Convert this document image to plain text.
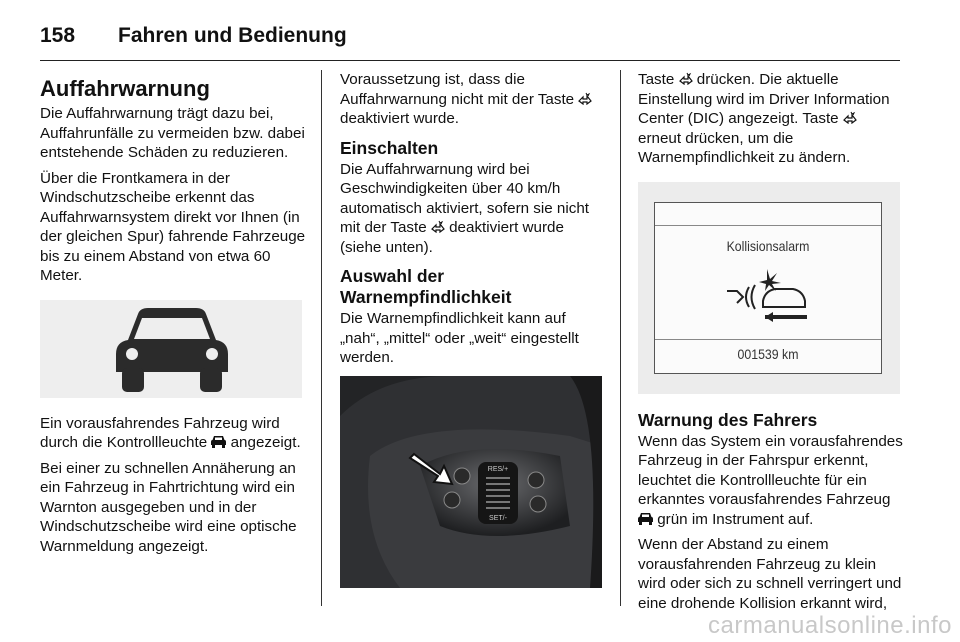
158 Fahren und Bedienung
Auffahrwarnung

Die Auffahrwarnung trägt dazu bei, Auffahrunfälle zu vermeiden bzw. dabei entstehende Schäden zu reduzieren.

Über die Frontkamera in der Windschutzscheibe erkennt das Auffahrwarnsystem direkt vor Ihnen (in der gleichen Spur) fahrende Fahrzeuge bis zu einem Abstand von etwa 60 Meter.

Ein vorausfahrendes Fahrzeug wird durch die Kontrollleuchte  angezeigt.

Bei einer zu schnellen Annäherung an ein Fahrzeug in Fahrtrichtung wird ein Warnton ausgegeben und in der Windschutzscheibe wird eine optische Warnmeldung angezeigt.

Voraussetzung ist, dass die Auffahrwarnung nicht mit der Taste  deaktiviert wurde.

Einschalten

Die Auffahrwarnung wird bei Geschwindigkeiten über 40 km/h automatisch aktiviert, sofern sie nicht mit der Taste  deaktiviert wurde (siehe unten).

Auswahl der Warnempfindlichkeit

Die Warnempfindlichkeit kann auf „nah“, „mittel“ oder „weit“ eingestellt werden.

RES/+
SET/-

Taste  drücken. Die aktuelle Einstellung wird im Driver Information Center (DIC) angezeigt. Taste  erneut drücken, um die Warnempfindlichkeit zu ändern.

Kollisionsalarm
001539 km
Warnung des Fahrers

Wenn das System ein vorausfahrendes Fahrzeug in der Fahrspur erkennt, leuchtet die Kontrollleuchte für ein erkanntes vorausfahrendes Fahrzeug  grün im Instrument auf.

Wenn der Abstand zu einem vorausfahrenden Fahrzeug zu klein wird oder sich zu schnell verringert und eine drohende Kollision erkannt wird,

carmanualsonline.info
